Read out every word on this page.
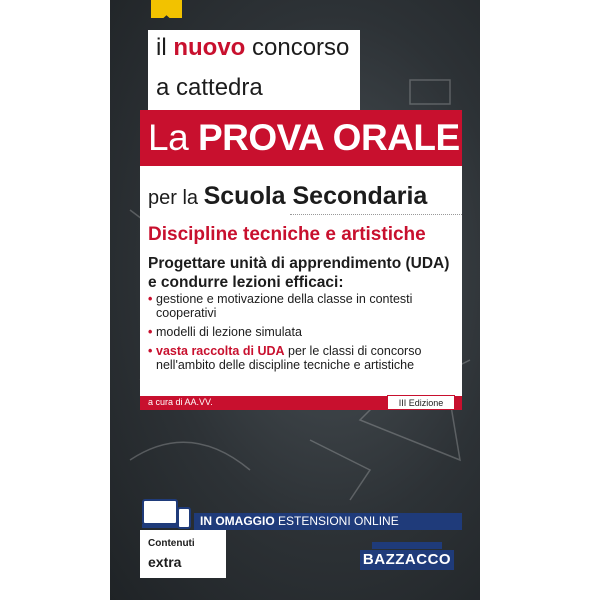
il nuovo concorso
a cattedra
La PROVA ORALE
per la Scuola Secondaria
Discipline tecniche e artistiche
Progettare unità di apprendimento (UDA)
e condurre lezioni efficaci:
• gestione e motivazione della classe in contesti cooperativi
• modelli di lezione simulata
• vasta raccolta di UDA per le classi di concorso nell'ambito delle discipline tecniche e artistiche
a cura di AA.VV.	III Edizione
IN OMAGGIO ESTENSIONI ONLINE
Contenuti
extra	BAZZACCO
